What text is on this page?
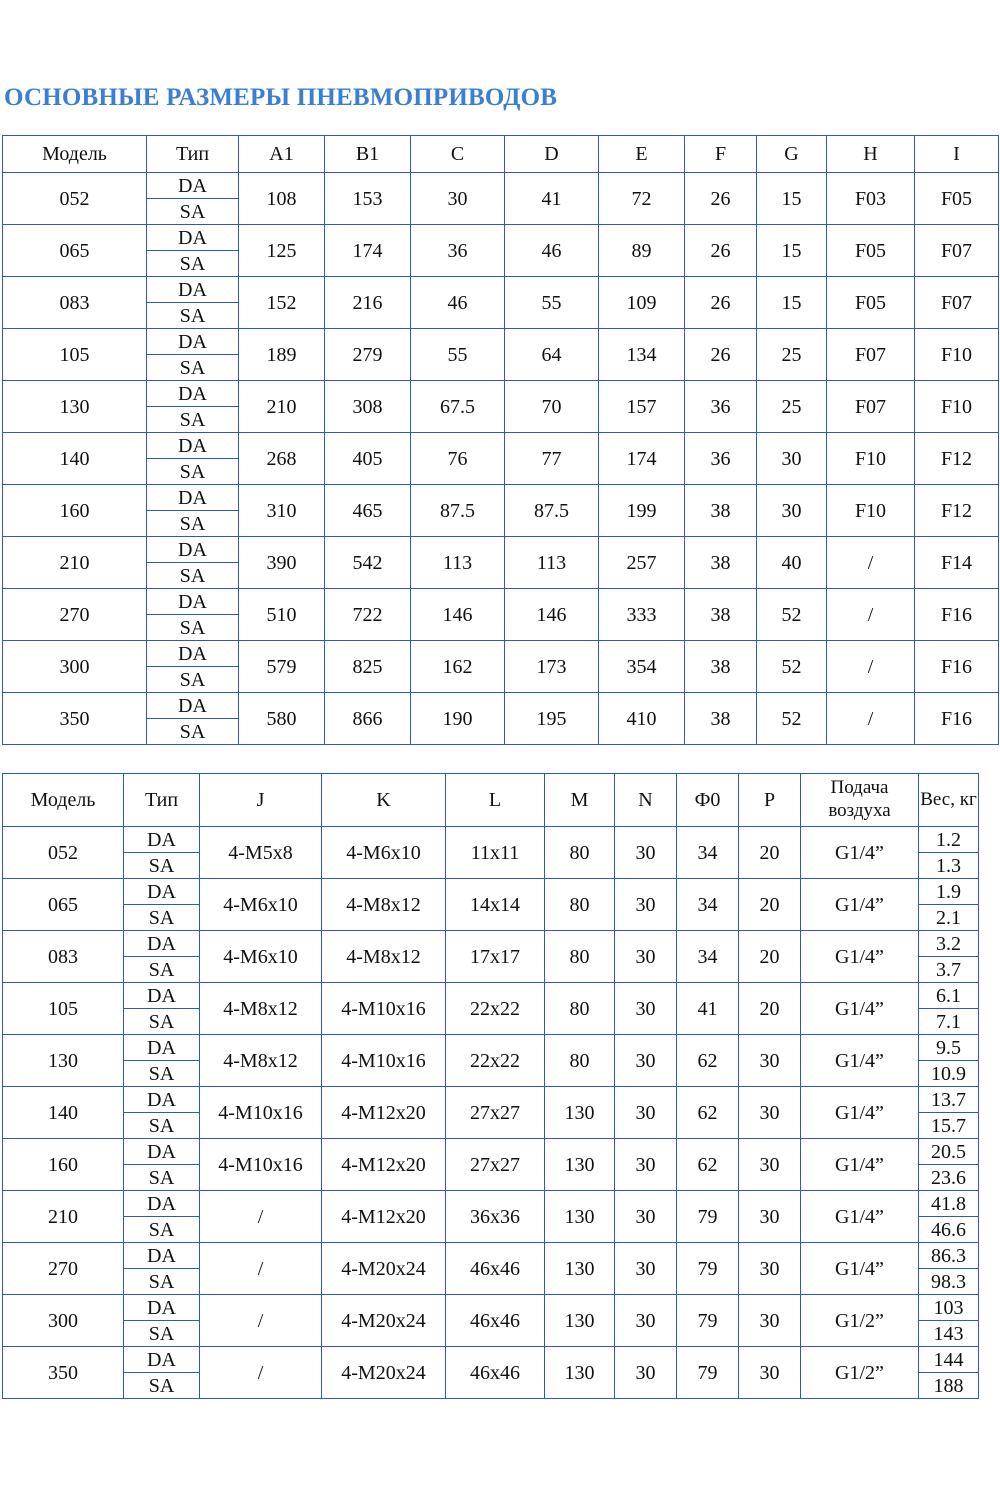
ОСНОВНЫЕ РАЗМЕРЫ ПНЕВМОПРИВОДОВ
Модель	Тип	A1	B1	C	D	E	F	G	H	I
052	DA	108	153	30	41	72	26	15	F03	F05
	SA									
065	DA	125	174	36	46	89	26	15	F05	F07
	SA									
083	DA	152	216	46	55	109	26	15	F05	F07
	SA									
105	DA	189	279	55	64	134	26	25	F07	F10
	SA									
130	DA	210	308	67.5	70	157	36	25	F07	F10
	SA									
140	DA	268	405	76	77	174	36	30	F10	F12
	SA									
160	DA	310	465	87.5	87.5	199	38	30	F10	F12
	SA									
210	DA	390	542	113	113	257	38	40	/	F14
	SA									
270	DA	510	722	146	146	333	38	52	/	F16
	SA									
300	DA	579	825	162	173	354	38	52	/	F16
	SA									
350	DA	580	866	190	195	410	38	52	/	F16
	SA									
Модель	Тип	J	K	L	M	N	Ф0	P	Подача воздуха	Вес, кг
052	DA	4-M5x8	4-M6x10	11x11	80	30	34	20	G1/4”	1.2
	SA									1.3
065	DA	4-M6x10	4-M8x12	14x14	80	30	34	20	G1/4”	1.9
	SA									2.1
083	DA	4-M6x10	4-M8x12	17x17	80	30	34	20	G1/4”	3.2
	SA									3.7
105	DA	4-M8x12	4-M10x16	22x22	80	30	41	20	G1/4”	6.1
	SA									7.1
130	DA	4-M8x12	4-M10x16	22x22	80	30	62	30	G1/4”	9.5
	SA									10.9
140	DA	4-M10x16	4-M12x20	27x27	130	30	62	30	G1/4”	13.7
	SA									15.7
160	DA	4-M10x16	4-M12x20	27x27	130	30	62	30	G1/4”	20.5
	SA									23.6
210	DA	/	4-M12x20	36x36	130	30	79	30	G1/4”	41.8
	SA									46.6
270	DA	/	4-M20x24	46x46	130	30	79	30	G1/4”	86.3
	SA									98.3
300	DA	/	4-M20x24	46x46	130	30	79	30	G1/2”	103
	SA									143
350	DA	/	4-M20x24	46x46	130	30	79	30	G1/2”	144
	SA									188
